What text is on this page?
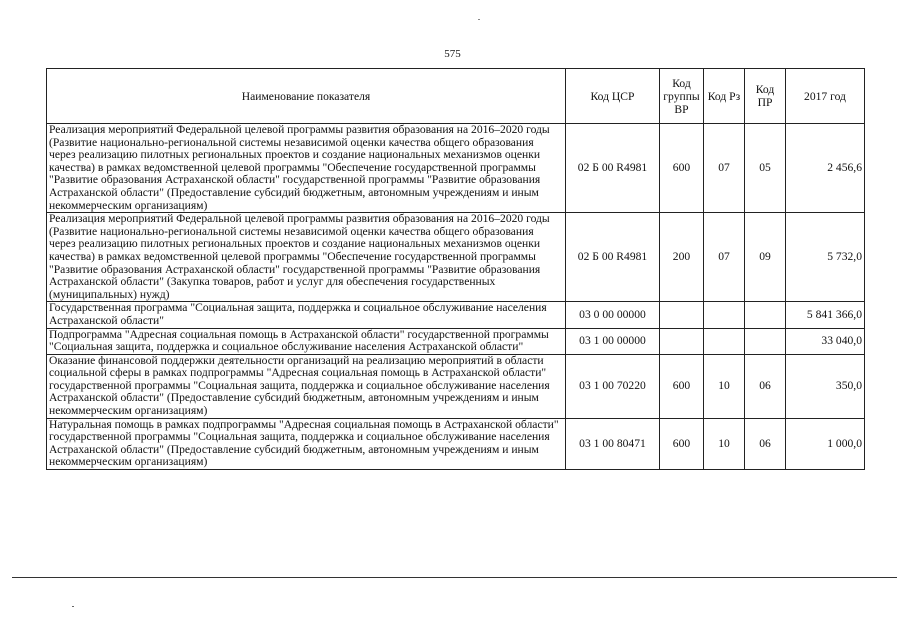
575
Наименование показателя	Код ЦСР	Код группы ВР	Код Рз	Код ПР	2017 год
Реализация мероприятий Федеральной целевой программы развития образования на 2016–2020 годы (Развитие национально-региональной системы независимой оценки качества общего образования через реализацию пилотных региональных проектов и создание национальных механизмов оценки качества) в рамках ведомственной целевой программы "Обеспечение государственной программы "Развитие образования Астраханской области" государственной программы "Развитие образования Астраханской области" (Предоставление субсидий бюджетным, автономным учреждениям и иным некоммерческим организациям)	02 Б 00 R4981	600	07	05	2 456,6
Реализация мероприятий Федеральной целевой программы развития образования на 2016–2020 годы (Развитие национально-региональной системы независимой оценки качества общего образования через реализацию пилотных региональных проектов и создание национальных механизмов оценки качества) в рамках ведомственной целевой программы "Обеспечение государственной программы "Развитие образования Астраханской области" государственной программы "Развитие образования Астраханской области" (Закупка товаров, работ и услуг для обеспечения государственных (муниципальных) нужд)	02 Б 00 R4981	200	07	09	5 732,0
Государственная программа "Социальная защита, поддержка и социальное обслуживание населения Астраханской области"	03 0 00 00000				5 841 366,0
Подпрограмма "Адресная социальная помощь в Астраханской области" государственной программы "Социальная защита, поддержка и социальное обслуживание населения Астраханской области"	03 1 00 00000				33 040,0
Оказание финансовой поддержки деятельности организаций на реализацию мероприятий в области социальной сферы в рамках подпрограммы "Адресная социальная помощь в Астраханской области" государственной программы "Социальная защита, поддержка и социальное обслуживание населения Астраханской области" (Предоставление субсидий бюджетным, автономным учреждениям и иным некоммерческим организациям)	03 1 00 70220	600	10	06	350,0
Натуральная помощь в рамках подпрограммы "Адресная социальная помощь в Астраханской области" государственной программы "Социальная защита, поддержка и социальное обслуживание населения Астраханской области" (Предоставление субсидий бюджетным, автономным учреждениям и иным некоммерческим организациям)	03 1 00 80471	600	10	06	1 000,0
